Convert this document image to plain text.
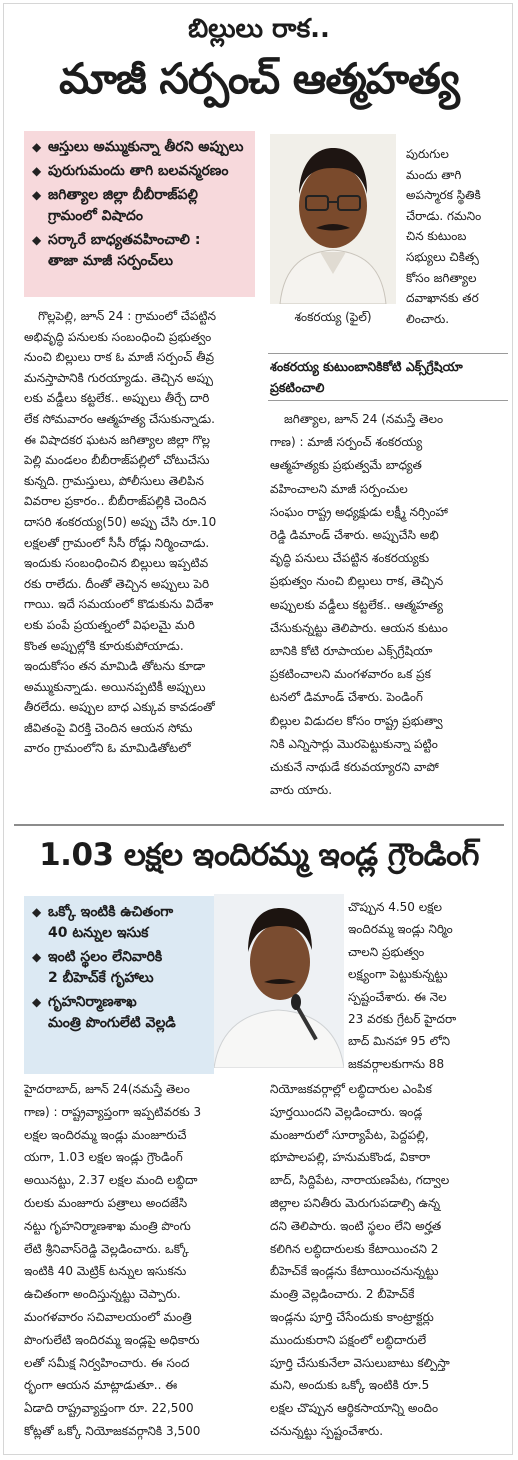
బిల్లులు రాక..
మాజీ సర్పంచ్ ఆత్మహత్య
◆ ఆస్తులు అమ్ముకున్నా తీరని అప్పులు
◆ పురుగుమందు తాగి బలవన్మరణం
◆ జగిత్యాల జిల్లా బీబీరాజ్‌పల్లి
గ్రామంలో విషాదం
◆ సర్కారే బాధ్యతవహించాలి :
తాజా మాజీ సర్పంచ్‌లు
శంకరయ్య (ఫైల్)
పురుగుల
మందు తాగి
అపస్మారక స్థితికి
చేరాడు. గమనిం
చిన కుటుంబ
సభ్యులు చికిత్స
కోసం జగిత్యాల
దవాఖానకు తర
లించారు.
గొల్లపెల్లి, జూన్ 24 : గ్రామంలో చేపట్టిన
అభివృద్ధి పనులకు సంబంధించి ప్రభుత్వం
నుంచి బిల్లులు రాక ఓ మాజీ సర్పంచ్ తీవ్ర
మనస్తాపానికి గురయ్యాడు. తెచ్చిన అప్పు
లకు వడ్డీలు కట్టలేక.. అప్పులు తీర్చే దారి
లేక సోమవారం ఆత్మహత్య చేసుకున్నాడు.
ఈ విషాదకర ఘటన జగిత్యాల జిల్లా గొల్ల
పెల్లి మండలం బీబీరాజ్‌పల్లిలో చోటుచేసు
కున్నది. గ్రామస్తులు, పోలీసులు తెలిపిన
వివరాల ప్రకారం.. బీబీరాజ్‌పల్లికి చెందిన
దాసరి శంకరయ్య(50) అప్పు చేసి రూ.10
లక్షలతో గ్రామంలో సీసీ రోడ్లు నిర్మించాడు.
ఇందుకు సంబంధించిన బిల్లులు ఇప్పటివ
రకు రాలేదు. దీంతో తెచ్చిన అప్పులు పెరి
గాయి. ఇదే సమయంలో కొడుకును విదేశా
లకు పంపే ప్రయత్నంలో విఫలమై మరి
కొంత అప్పుల్లోకి కూరుకుపోయాడు.
ఇందుకోసం తన మామిడి తోటను కూడా
అమ్ముకున్నాడు. అయినప్పటికీ అప్పులు
తీరలేదు. అప్పుల బాధ ఎక్కువ కావడంతో
జీవితంపై విరక్తి చెందిన ఆయన సోమ
వారం గ్రామంలోని ఓ మామిడితోటలో
శంకరయ్య కుటుంబానికికోటి ఎక్స్‌గ్రేషియా ప్రకటించాలి
జగిత్యాల, జూన్ 24 (నమస్తే తెలం
గాణ) : మాజీ సర్పంచ్ శంకరయ్య
ఆత్మహత్యకు ప్రభుత్వమే బాధ్యత
వహించాలని మాజీ సర్పంచుల
సంఘం రాష్ట్ర అధ్యక్షుడు లక్ష్మీ నర్సింహా
రెడ్డి డిమాండ్ చేశారు. అప్పుచేసి అభి
వృద్ధి పనులు చేపట్టిన శంకరయ్యకు
ప్రభుత్వం నుంచి బిల్లులు రాక, తెచ్చిన
అప్పులకు వడ్డీలు కట్టలేక.. ఆత్మహత్య
చేసుకున్నట్టు తెలిపారు. ఆయన కుటుం
బానికి కోటి రూపాయల ఎక్స్‌గ్రేషియా
ప్రకటించాలని మంగళవారం ఒక ప్రక
టనలో డిమాండ్ చేశారు. పెండింగ్
బిల్లుల విడుదల కోసం రాష్ట్ర ప్రభుత్వా
నికి ఎన్నిసార్లు మొరపెట్టుకున్నా పట్టిం
చుకునే నాథుడే కరువయ్యారని వాపో
వారు యారు.
1.03 లక్షల ఇందిరమ్మ ఇండ్ల గ్రౌండింగ్
◆ ఒక్కో ఇంటికి ఉచితంగా
40 టన్నుల ఇసుక
◆ ఇంటి స్థలం లేనివారికి
2 బీహెచ్‌కే గృహాలు
◆ గృహనిర్మాణశాఖ
మంత్రి పొంగులేటి వెల్లడి
చొప్పున 4.50 లక్షల
ఇందిరమ్మ ఇండ్లు నిర్మిం
చాలని ప్రభుత్వం
లక్ష్యంగా పెట్టుకున్నట్టు
స్పష్టంచేశారు. ఈ నెల
23 వరకు గ్రేటర్ హైదరా
బాద్ మినహా 95 లోని
జకవర్గాలకుగాను 88
హైదరాబాద్, జూన్ 24(నమస్తే తెలం
గాణ) : రాష్ట్రవ్యాప్తంగా ఇప్పటివరకు 3
లక్షల ఇందిరమ్మ ఇండ్లు మంజూరుచే
యగా, 1.03 లక్షల ఇండ్లు గ్రౌండింగ్
అయినట్టు, 2.37 లక్షల మంది లబ్ధిదా
రులకు మంజూరు పత్రాలు అందజేసి
నట్టు గృహనిర్మాణశాఖ మంత్రి పొంగు
లేటి శ్రీనివాస్‌రెడ్డి వెల్లడించారు. ఒక్కో
ఇంటికి 40 మెట్రిక్ టన్నుల ఇసుకను
ఉచితంగా అందిస్తున్నట్టు చెప్పారు.
మంగళవారం సచివాలయంలో మంత్రి
పొంగులేటి ఇందిరమ్మ ఇండ్లపై అధికారు
లతో సమీక్ష నిర్వహించారు. ఈ సంద
ర్భంగా ఆయన మాట్లాడుతూ.. ఈ
ఏడాది రాష్ట్రవ్యాప్తంగా రూ. 22,500
కోట్లతో ఒక్కో నియోజకవర్గానికి 3,500
నియోజకవర్గాల్లో లబ్ధిదారుల ఎంపిక
పూర్తయిందని వెల్లడించారు. ఇండ్ల
మంజూరులో సూర్యాపేట, పెద్దపల్లి,
భూపాలపల్లి, హనుమకొండ, వికారా
బాద్, సిద్దిపేట, నారాయణపేట, గద్వాల
జిల్లాల పనితీరు మెరుగుపడాల్సి ఉన్న
దని తెలిపారు. ఇంటి స్థలం లేని అర్హత
కలిగిన లబ్ధిదారులకు కేటాయించని 2
బీహెచ్‌కే ఇండ్లను కేటాయించనున్నట్టు
మంత్రి వెల్లడించారు. 2 బీహెచ్‌కే
ఇండ్లను పూర్తి చేసేందుకు కాంట్రాక్టర్లు
ముందుకురాని పక్షంలో లబ్ధిదారులే
పూర్తి చేసుకునేలా వెసులుబాటు కల్పిస్తా
మని, అందుకు ఒక్కో ఇంటికి రూ.5
లక్షల చొప్పున ఆర్థికసాయాన్ని అందిం
చనున్నట్టు స్పష్టంచేశారు.
